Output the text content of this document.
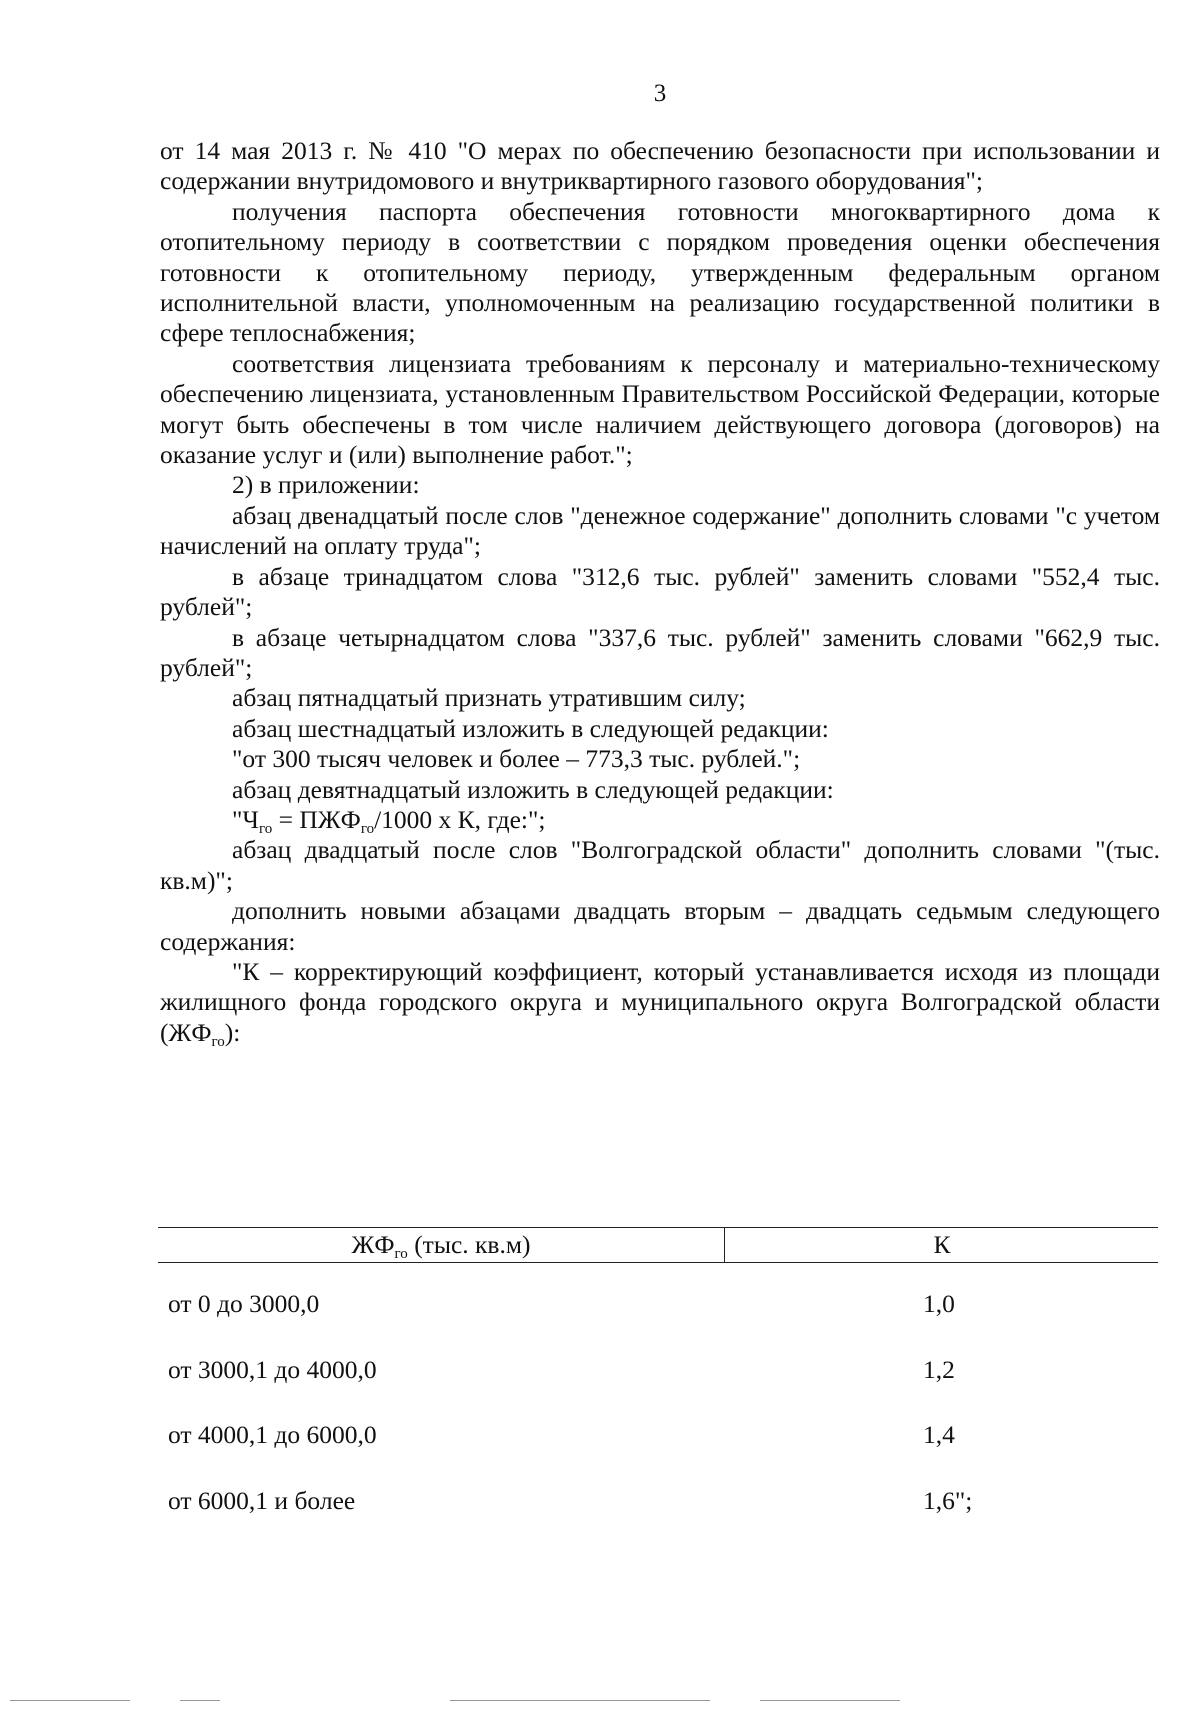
3

от 14 мая 2013 г. № 410 "О мерах по обеспечению безопасности при использовании и содержании внутридомового и внутриквартирного газового оборудования";

получения паспорта обеспечения готовности многоквартирного дома к отопительному периоду в соответствии с порядком проведения оценки обеспечения готовности к отопительному периоду, утвержденным федеральным органом исполнительной власти, уполномоченным на реализацию государственной политики в сфере теплоснабжения;

соответствия лицензиата требованиям к персоналу и материально-техническому обеспечению лицензиата, установленным Правительством Российской Федерации, которые могут быть обеспечены в том числе наличием действующего договора (договоров) на оказание услуг и (или) выполнение работ.";

2) в приложении:

абзац двенадцатый после слов "денежное содержание" дополнить словами "с учетом начислений на оплату труда";

в абзаце тринадцатом слова "312,6 тыс. рублей" заменить словами "552,4 тыс. рублей";

в абзаце четырнадцатом слова "337,6 тыс. рублей" заменить словами "662,9 тыс. рублей";

абзац пятнадцатый признать утратившим силу;

абзац шестнадцатый изложить в следующей редакции:

"от 300 тысяч человек и более – 773,3 тыс. рублей.";

абзац девятнадцатый изложить в следующей редакции:

"$Ч_{го} = ПЖФ_{го}/1000$ х К, где:";

абзац двадцатый после слов "Волгоградской области" дополнить словами "(тыс. кв.м)";

дополнить новыми абзацами двадцать вторым – двадцать седьмым следующего содержания:

"К – корректирующий коэффициент, который устанавливается исходя из площади жилищного фонда городского округа и муниципального округа Волгоградской области $(ЖФ_{го})$:

$ЖФ_{го}$ (тыс. кв.м)	К
от 0 до 3000,0	1,0
от 3000,1 до 4000,0	1,2
от 4000,1 до 6000,0	1,4
от 6000,1 и более	1,6";
